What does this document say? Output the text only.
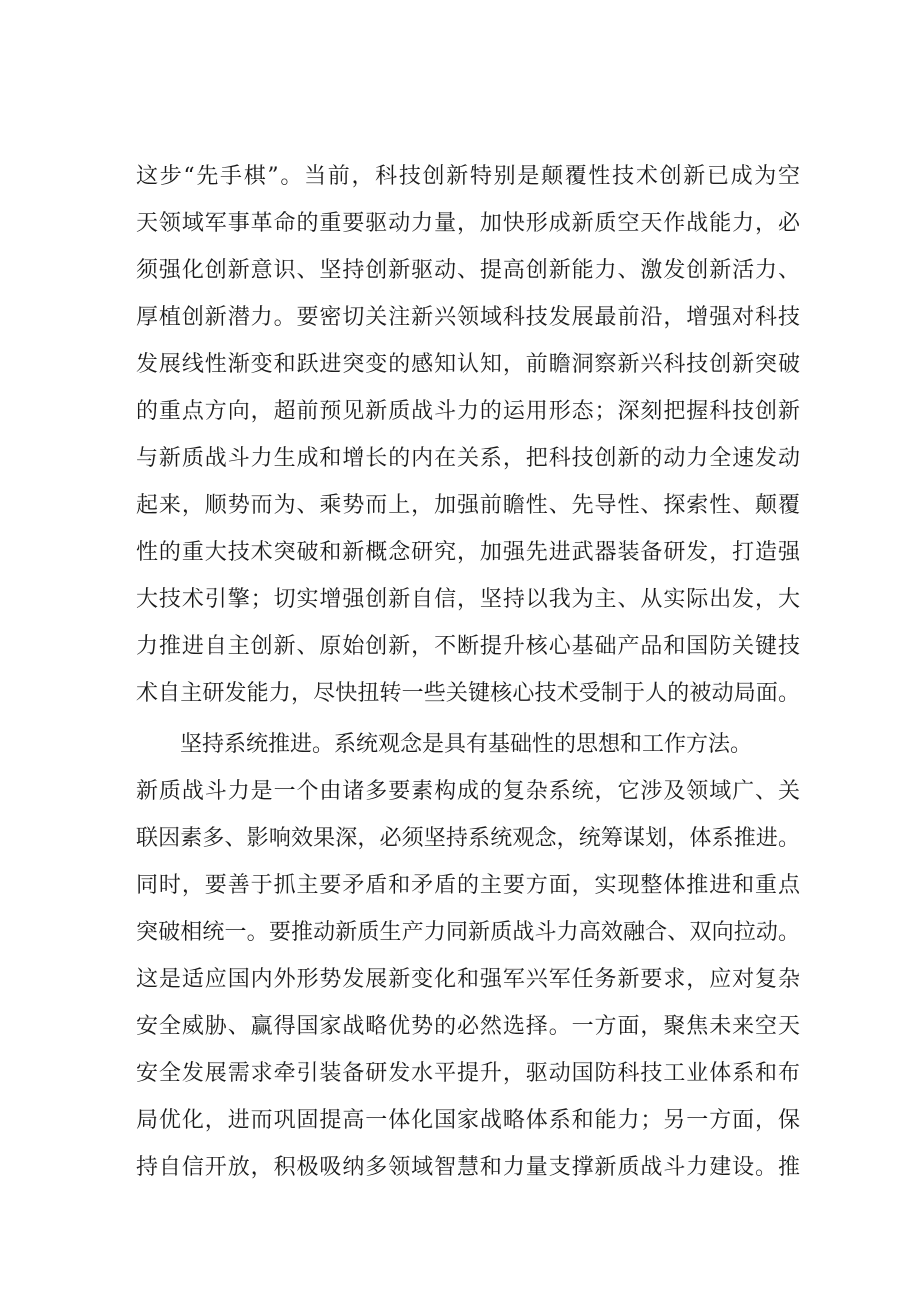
这步“先手棋”。当前，科技创新特别是颠覆性技术创新已成为空
天领域军事革命的重要驱动力量，加快形成新质空天作战能力，必
须强化创新意识、坚持创新驱动、提高创新能力、激发创新活力、
厚植创新潜力。要密切关注新兴领域科技发展最前沿，增强对科技
发展线性渐变和跃进突变的感知认知，前瞻洞察新兴科技创新突破
的重点方向，超前预见新质战斗力的运用形态；深刻把握科技创新
与新质战斗力生成和增长的内在关系，把科技创新的动力全速发动
起来，顺势而为、乘势而上，加强前瞻性、先导性、探索性、颠覆
性的重大技术突破和新概念研究，加强先进武器装备研发，打造强
大技术引擎；切实增强创新自信，坚持以我为主、从实际出发，大
力推进自主创新、原始创新，不断提升核心基础产品和国防关键技
术自主研发能力，尽快扭转一些关键核心技术受制于人的被动局面。
　　坚持系统推进。系统观念是具有基础性的思想和工作方法。
新质战斗力是一个由诸多要素构成的复杂系统，它涉及领域广、关
联因素多、影响效果深，必须坚持系统观念，统筹谋划，体系推进。
同时，要善于抓主要矛盾和矛盾的主要方面，实现整体推进和重点
突破相统一。要推动新质生产力同新质战斗力高效融合、双向拉动。
这是适应国内外形势发展新变化和强军兴军任务新要求，应对复杂
安全威胁、赢得国家战略优势的必然选择。一方面，聚焦未来空天
安全发展需求牵引装备研发水平提升，驱动国防科技工业体系和布
局优化，进而巩固提高一体化国家战略体系和能力；另一方面，保
持自信开放，积极吸纳多领域智慧和力量支撑新质战斗力建设。推
